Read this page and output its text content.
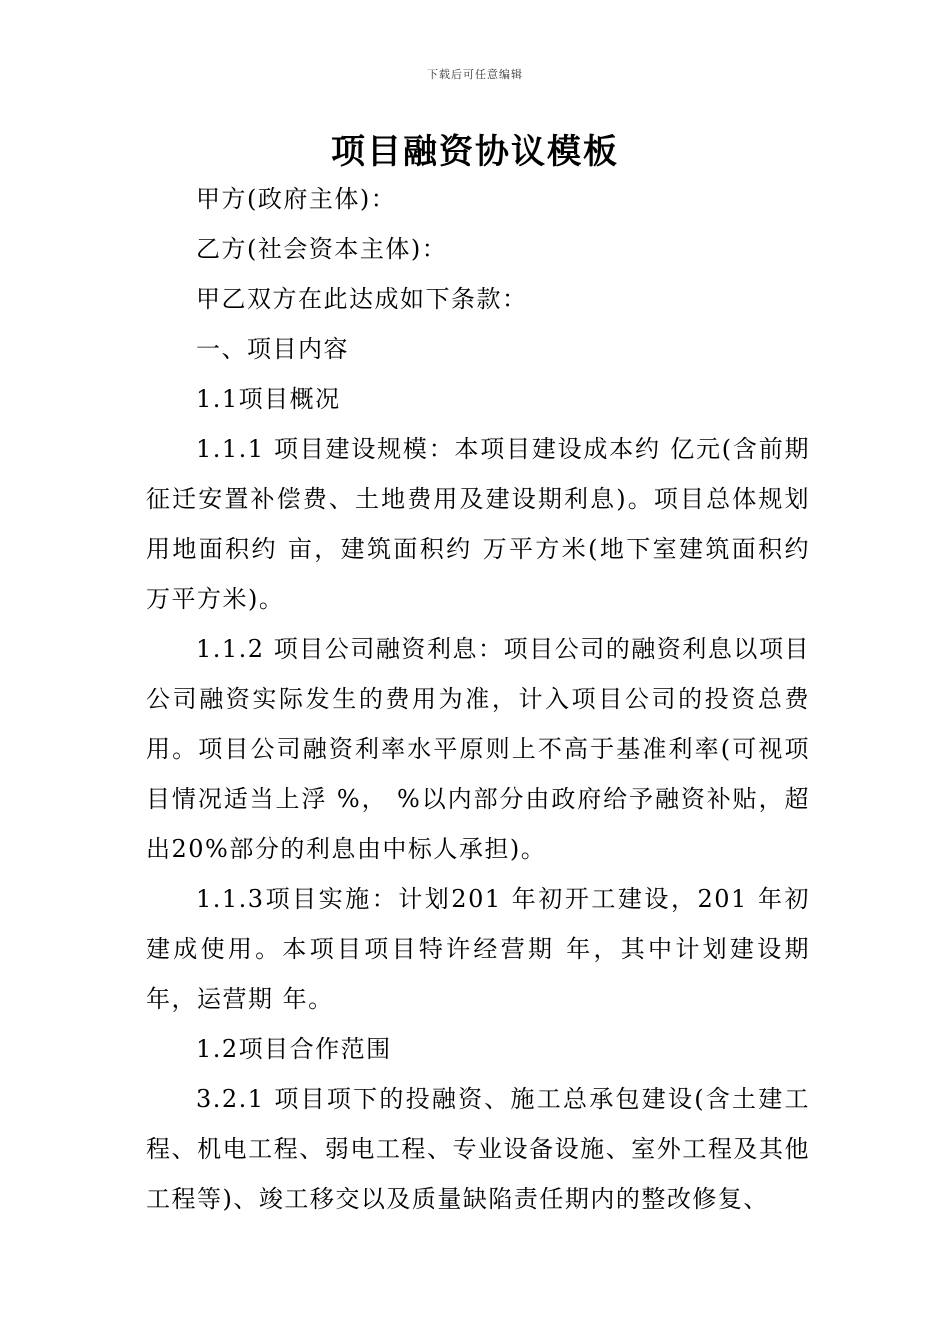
下载后可任意编辑
项目融资协议模板

甲方(政府主体)：

乙方(社会资本主体)：

甲乙双方在此达成如下条款：

一、项目内容

1.1项目概况

1.1.1 项目建设规模：本项目建设成本约 亿元(含前期征迁安置补偿费、土地费用及建设期利息)。项目总体规划用地面积约 亩，建筑面积约 万平方米(地下室建筑面积约 万平方米)。

1.1.2 项目公司融资利息：项目公司的融资利息以项目公司融资实际发生的费用为准，计入项目公司的投资总费用。项目公司融资利率水平原则上不高于基准利率(可视项目情况适当上浮 %， %以内部分由政府给予融资补贴，超出20%部分的利息由中标人承担)。

1.1.3项目实施：计划201 年初开工建设，201 年初建成使用。本项目项目特许经营期 年，其中计划建设期 年，运营期 年。

1.2项目合作范围

3.2.1 项目项下的投融资、施工总承包建设(含土建工程、机电工程、弱电工程、专业设备设施、室外工程及其他工程等)、竣工移交以及质量缺陷责任期内的整改修复、
